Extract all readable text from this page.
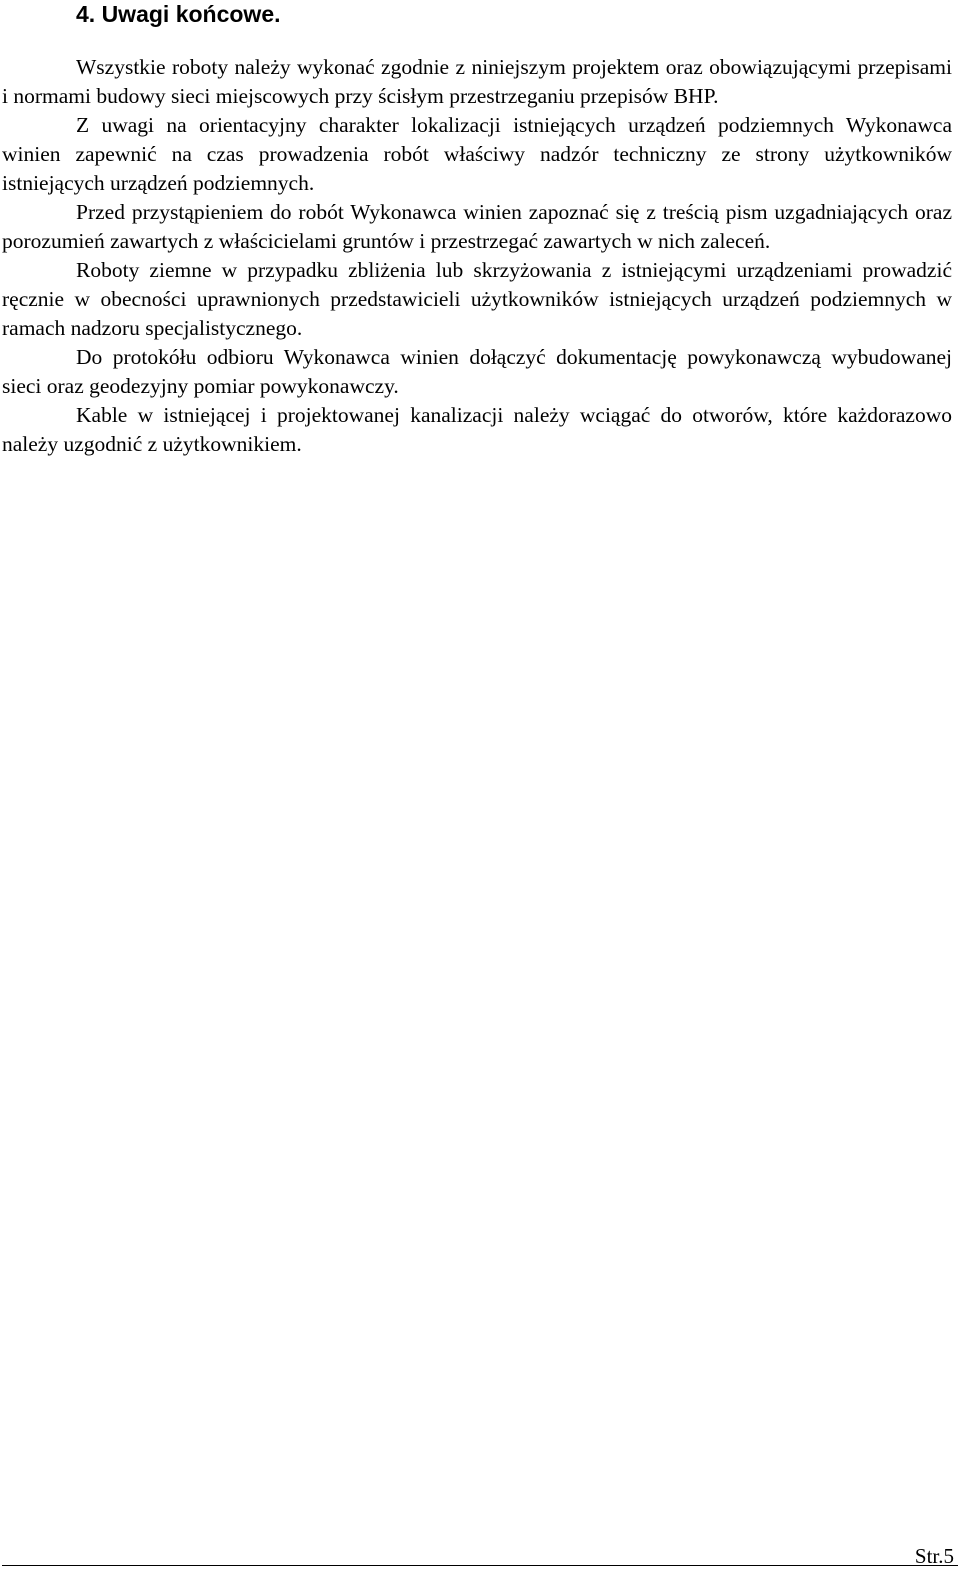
4. Uwagi końcowe.

Wszystkie roboty należy wykonać zgodnie z niniejszym projektem oraz obowiązującymi przepisami i normami budowy sieci miejscowych przy ścisłym przestrzeganiu przepisów BHP.

Z uwagi na orientacyjny charakter lokalizacji istniejących urządzeń podziemnych Wykonawca winien zapewnić na czas prowadzenia robót właściwy nadzór techniczny ze strony użytkowników istniejących urządzeń podziemnych.

Przed przystąpieniem do robót Wykonawca winien zapoznać się z treścią pism uzgadniających oraz porozumień zawartych z właścicielami gruntów i przestrzegać zawartych w nich zaleceń.

Roboty ziemne w przypadku zbliżenia lub skrzyżowania z istniejącymi urządzeniami prowadzić ręcznie w obecności uprawnionych przedstawicieli użytkowników istniejących urządzeń podziemnych w ramach nadzoru specjalistycznego.

Do protokółu odbioru Wykonawca winien dołączyć dokumentację powykonawczą wybudowanej sieci oraz geodezyjny pomiar powykonawczy.

Kable w istniejącej i projektowanej kanalizacji należy wciągać do otworów, które każdorazowo należy uzgodnić z użytkownikiem.

Str.5
